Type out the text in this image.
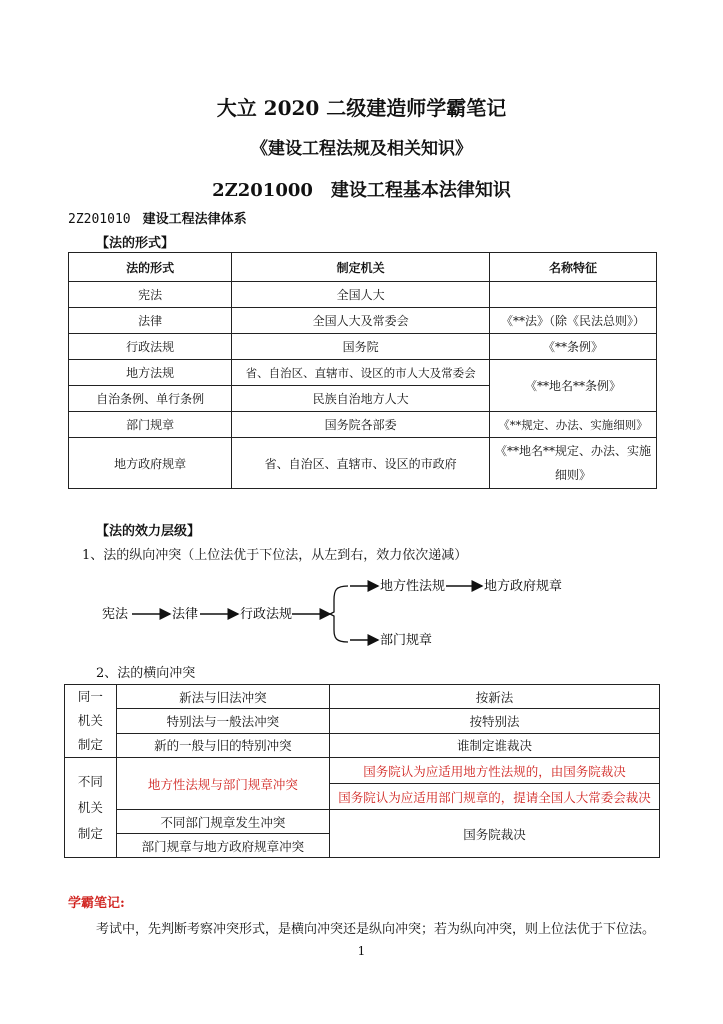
大立 2020 二级建造师学霸笔记
《建设工程法规及相关知识》
2Z201000　建设工程基本法律知识
2Z201010 建设工程法律体系
【法的形式】
法的形式	制定机关	名称特征
宪法	全国人大	
法律	全国人大及常委会	《**法》（除《民法总则》）
行政法规	国务院	《**条例》
地方法规	省、自治区、直辖市、设区的市人大及常委会	《**地名**条例》
自治条例、单行条例	民族自治地方人大	
部门规章	国务院各部委	《**规定、办法、实施细则》
地方政府规章	省、自治区、直辖市、设区的市政府	《**地名**规定、办法、实施细则》
【法的效力层级】
1、法的纵向冲突（上位法优于下位法，从左到右，效力依次递减）
宪法	法律	行政法规
地方性法规	地方政府规章
部门规章
2、法的横向冲突
同一
机关
制定	新法与旧法冲突	按新法
	特别法与一般法冲突	按特别法
	新的一般与旧的特别冲突	谁制定谁裁决
不同
机关
制定	地方性法规与部门规章冲突	国务院认为应适用地方性法规的，由国务院裁决
		国务院认为应适用部门规章的，提请全国人大常委会裁决
	不同部门规章发生冲突	国务院裁决
	部门规章与地方政府规章冲突	
学霸笔记:
考试中，先判断考察冲突形式，是横向冲突还是纵向冲突；若为纵向冲突，则上位法优于下位法。
1
